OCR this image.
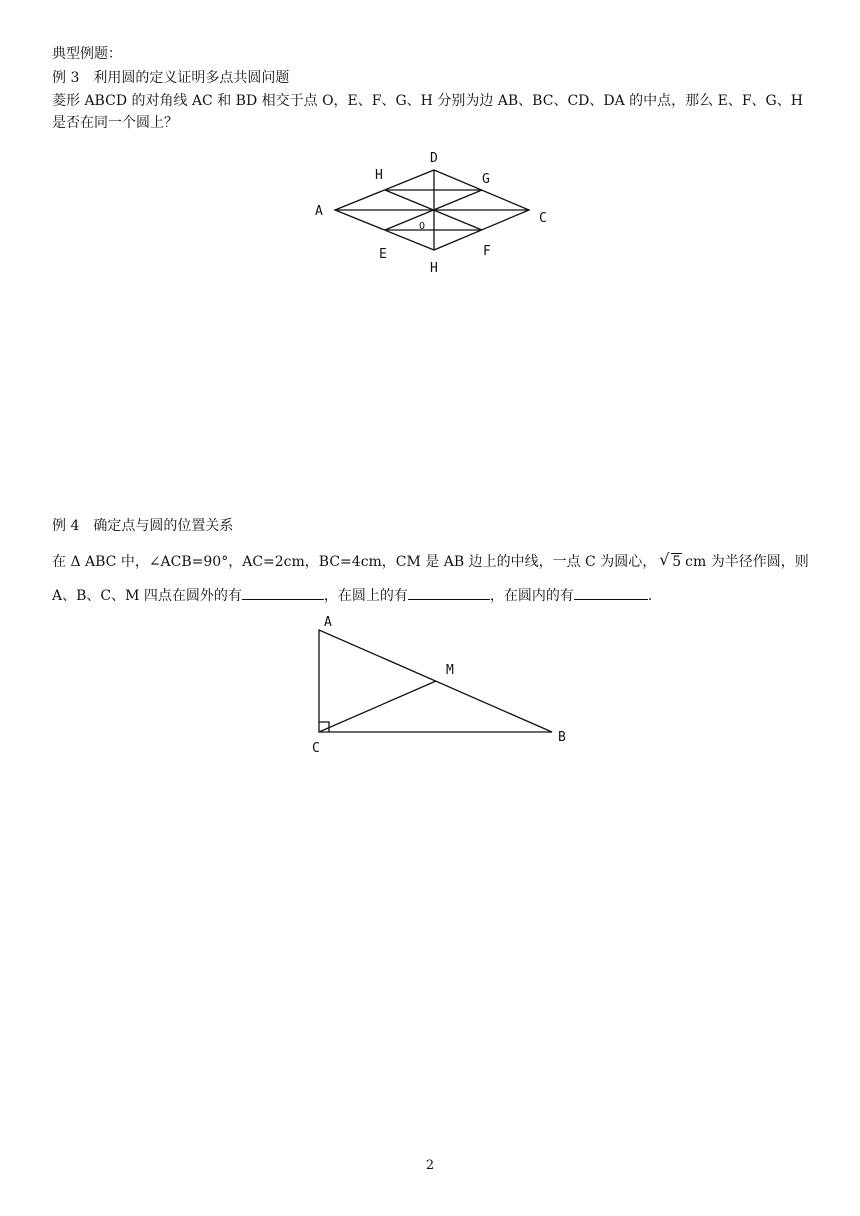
典型例题：
例 3　利用圆的定义证明多点共圆问题
菱形 ABCD 的对角线 AC 和 BD 相交于点 O，E、F、G、H 分别为边 AB、BC、CD、DA 的中点，那么 E、F、G、H
是否在同一个圆上？
A
D
C
H
H	G
E	F
O
例 4　确定点与圆的位置关系
在 Δ ABC 中，∠ACB=90°，AC=2cm，BC=4cm，CM 是 AB 边上的中线，一点 C 为圆心，√ 5 cm 为半径作圆，则
A、B、C、M 四点在圆外的有	，在圆上的有	，在圆内的有	.
A
C
B
M
2
